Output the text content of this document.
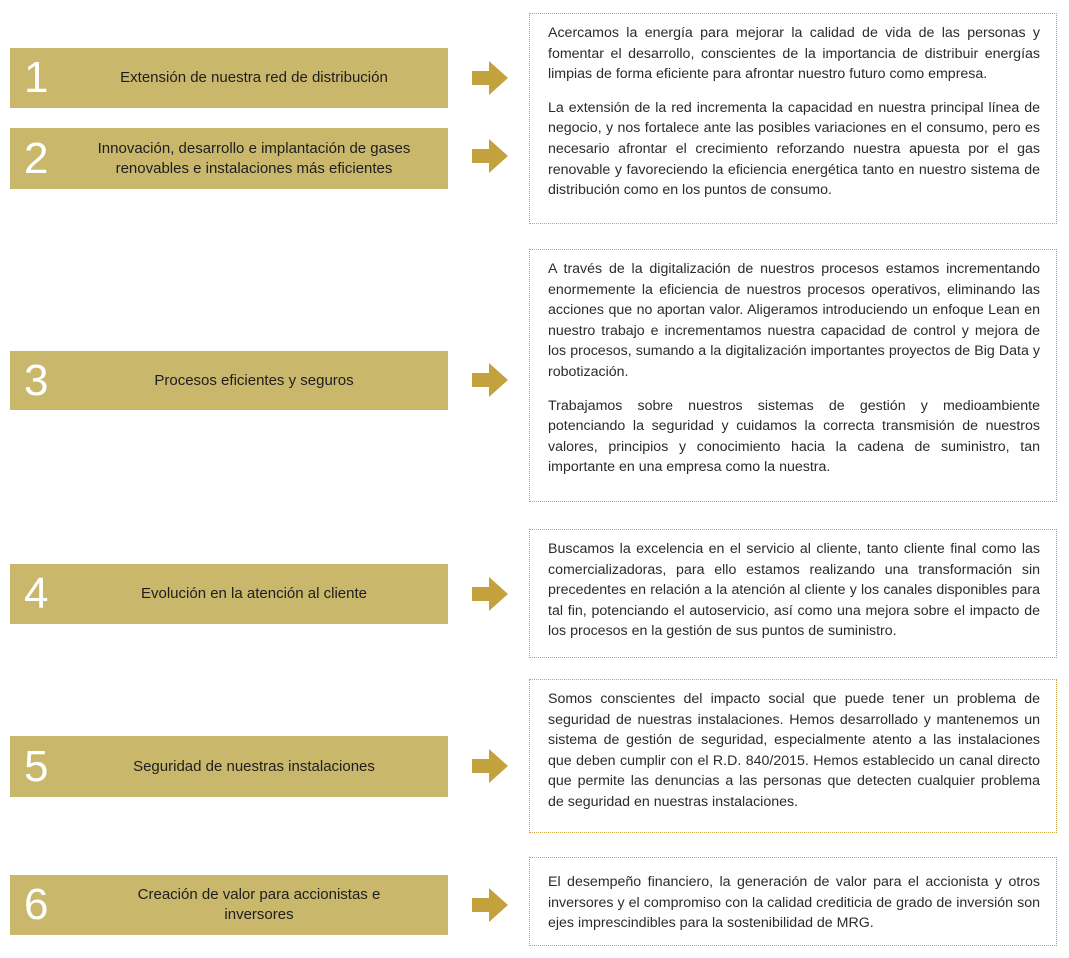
1	Extensión de nuestra red de distribución
2	Innovación, desarrollo e implantación de gases renovables e instalaciones más eficientes
3	Procesos eficientes y seguros
4	Evolución en la atención al cliente
5	Seguridad de nuestras instalaciones
6	Creación de valor para accionistas e inversores

Acercamos la energía para mejorar la calidad de vida de las personas y fomentar el desarrollo, conscientes de la importancia de distribuir energías limpias de forma eficiente para afrontar nuestro futuro como empresa.

La extensión de la red incrementa la capacidad en nuestra principal línea de negocio, y nos fortalece ante las posibles variaciones en el consumo, pero es necesario afrontar el crecimiento reforzando nuestra apuesta por el gas renovable y favoreciendo la eficiencia energética tanto en nuestro sistema de distribución como en los puntos de consumo.

A través de la digitalización de nuestros procesos estamos incrementando enormemente la eficiencia de nuestros procesos operativos, eliminando las acciones que no aportan valor. Aligeramos introduciendo un enfoque Lean en nuestro trabajo e incrementamos nuestra capacidad de control y mejora de los procesos, sumando a la digitalización importantes proyectos de Big Data y robotización.

Trabajamos sobre nuestros sistemas de gestión y medioambiente potenciando la seguridad y cuidamos la correcta transmisión de nuestros valores, principios y conocimiento hacia la cadena de suministro, tan importante en una empresa como la nuestra.

Buscamos la excelencia en el servicio al cliente, tanto cliente final como las comercializadoras, para ello estamos realizando una transformación sin precedentes en relación a la atención al cliente y los canales disponibles para tal fin, potenciando el autoservicio, así como una mejora sobre el impacto de los procesos en la gestión de sus puntos de suministro.

Somos conscientes del impacto social que puede tener un problema de seguridad de nuestras instalaciones. Hemos desarrollado y mantenemos un sistema de gestión de seguridad, especialmente atento a las instalaciones que deben cumplir con el R.D. 840/2015. Hemos establecido un canal directo que permite las denuncias a las personas que detecten cualquier problema de seguridad en nuestras instalaciones.

El desempeño financiero, la generación de valor para el accionista y otros inversores y el compromiso con la calidad crediticia de grado de inversión son ejes imprescindibles para la sostenibilidad de MRG.
